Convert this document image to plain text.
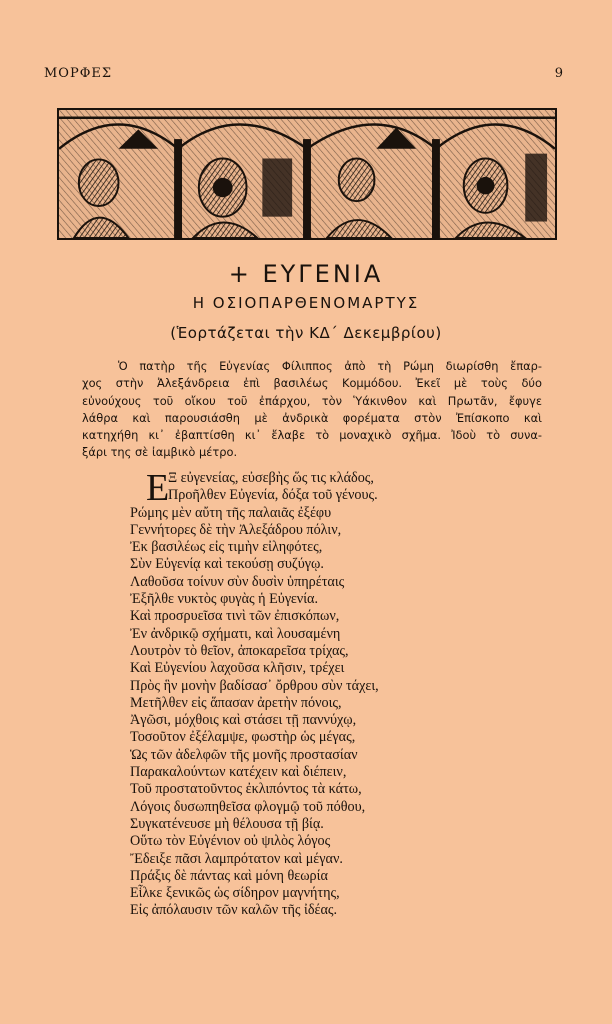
ΜΟΡΦΕΣ	9
+ ΕΥΓΕΝΙΑ
Η ΟΣΙΟΠΑΡΘΕΝΟΜΑΡΤΥΣ
(Ἑορτάζεται τὴν ΚΔ΄ Δεκεμβρίου)
Ὁ πατὴρ τῆς Εὐγενίας Φίλιππος ἀπὸ τὴ Ρώμη διωρίσθη ἔπαρ-
χος στὴν Ἀλεξάνδρεια ἐπὶ βασιλέως Κομμόδου. Ἐκεῖ μὲ τοὺς δύο
εὐνούχους τοῦ οἴκου τοῦ ἐπάρχου, τὸν Ὑάκινθον καὶ Πρωτᾶν, ἔφυγε
λάθρα καὶ παρουσιάσθη μὲ ἀνδρικὰ φορέματα στὸν Ἐπίσκοπο καὶ
κατηχήθη κι᾽ ἐβαπτίσθη κι᾽ ἔλαβε τὸ μοναχικὸ σχῆμα. Ἰδοὺ τὸ συνα-
ξάρι της σὲ ἰαμβικὸ μέτρο.
Ε
Ξ εὐγενείας, εὐσεβὴς ὥς τις κλάδος,
Προῆλθεν Εὐγενία, δόξα τοῦ γένους.
Ρώμης μὲν αὔτη τῆς παλαιᾶς ἐξέφυ
Γεννήτορες δὲ τὴν Ἀλεξάδρου πόλιν,
Ἐκ βασιλέως εἰς τιμὴν εἰληφότες,
Σὺν Εὐγενίᾳ καὶ τεκούσῃ συζύγῳ.
Λαθοῦσα τοίνυν σὺν δυσὶν ὑπηρέταις
Ἐξῆλθε νυκτὸς φυγὰς ἡ Εὐγενία.
Καὶ προσρυεῖσα τινὶ τῶν ἐπισκόπων,
Ἐν ἀνδρικῷ σχήματι, καὶ λουσαμένη
Λουτρὸν τὸ θεῖον, ἀποκαρεῖσα τρίχας,
Καὶ Εὐγενίου λαχοῦσα κλῆσιν, τρέχει
Πρὸς ἣν μονὴν βαδίσασ᾽ ὄρθρου σὺν τάχει,
Μετῆλθεν εἰς ἅπασαν ἀρετὴν πόνοις,
Ἀγῶσι, μόχθοις καὶ στάσει τῇ παννύχῳ,
Τοσοῦτον ἐξέλαμψε, φωστὴρ ὡς μέγας,
Ὡς τῶν ἀδελφῶν τῆς μονῆς προστασίαν
Παρακαλούντων κατέχειν καὶ διέπειν,
Τοῦ προστατοῦντος ἐκλιπόντος τὰ κάτω,
Λόγοις δυσωπηθεῖσα φλογμῷ τοῦ πόθου,
Συγκατένευσε μὴ θέλουσα τῇ βίᾳ.
Οὕτω τὸν Εὐγένιον οὐ ψιλὸς λόγος
Ἔδειξε πᾶσι λαμπρότατον καὶ μέγαν.
Πράξις δὲ πάντας καὶ μόνη θεωρία
Εἷλκε ξενικῶς ὡς σίδηρον μαγνήτης,
Εἰς ἀπόλαυσιν τῶν καλῶν τῆς ἰδέας.
